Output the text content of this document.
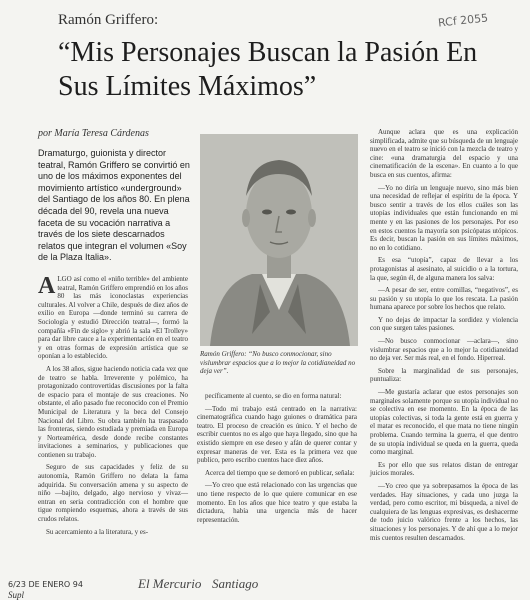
Ramón Griffero:
“Mis Personajes Buscan la Pasión En Sus Límites Máximos”
RCf 2055
por María Teresa Cárdenas

Dramaturgo, guionista y director teatral, Ramón Griffero se convirtió en uno de los máximos exponentes del movimiento artístico «underground» del Santiago de los años 80. En plena década del 90, revela una nueva faceta de su vocación narrativa a través de los siete descarnados relatos que integran el volumen «Soy de la Plaza Italia».

ALGO así como el «niño terrible» del ambiente teatral, Ramón Griffero emprendió en los años 80 las más iconoclastas experiencias culturales. Al volver a Chile, después de diez años de exilio en Europa —donde terminó su carrera de Sociología y estudió Dirección teatral—, formó la compañía «Fin de siglo» y abrió la sala «El Trolley» para dar libre cauce a la experimentación en el teatro y en otras formas de expresión artística que se oponían a lo establecido.

A los 38 años, sigue haciendo noticia cada vez que de teatro se habla. Irreverente y polémico, ha protagonizado controvertidas discusiones por la falta de espacio para el montaje de sus creaciones. No obstante, el año pasado fue reconocido con el Premio Municipal de Literatura y la beca del Consejo Nacional del Libro. Su obra también ha traspasado las fronteras, siendo estudiada y premiada en Europa y Norteamérica, desde donde recibe constantes invitaciones a seminarios, y publicaciones que contienen su trabajo.

Seguro de sus capacidades y feliz de su autonomía, Ramón Griffero no delata la fama adquirida. Su conversación amena y su aspecto de niño —bajito, delgado, algo nervioso y vivaz— entran en seria contradicción con el hombre que tigue rompiendo esquemas, ahora a través de sus crudos relatos.

Su acercamiento a la literatura, y es-

Ramón Griffero: “No busco conmocionar, sino vislumbrar espacios que a lo mejor la cotidianeidad no deja ver”.

pecíficamente al cuento, se dio en forma natural:

—Todo mi trabajo está centrado en la narrativa: cinematográfica cuando hago guiones o dramática para teatro. El proceso de creación es único. Y el hecho de escribir cuentos no es algo que haya llegado, sino que ha existido siempre en ese deseo y afán de querer contar y expresar maneras de ver. Esta es la primera vez que publico, pero escribo cuentos hace diez años.

Acerca del tiempo que se demoró en publicar, señala:

—Yo creo que está relacionado con las urgencias que uno tiene respecto de lo que quiere comunicar en ese momento. En los años que hice teatro y que estaba la dictadura, había una urgencia más de hacer representación.

Aunque aclara que es una explicación simplificada, admite que su búsqueda de un lenguaje nuevo en el teatro se inició con la mezcla de teatro y cine: «una dramaturgia del espacio y una cinematificación de la escena». En cuanto a lo que busca en sus cuentos, afirma:

—Yo no diría un lenguaje nuevo, sino más bien una necesidad de reflejar el espíritu de la época. Y busco sentir a través de los ellos cuáles son las utopías individuales que están funcionando en mi mente y en las pasiones de los personajes. Por eso en estos cuentos la mayoría son psicópatas utópicos. Es decir, buscan la pasión en sus límites máximos, no en lo cotidiano.

Es esa “utopía”, capaz de llevar a los protagonistas al asesinato, al suicidio o a la tortura, la que, según él, de alguna manera los salva:

—A pesar de ser, entre comillas, “negativos”, es su pasión y su utopía lo que los rescata. La pasión humana aparece por sobre los hechos que relato.

Y no dejas de impactar la sordidez y violencia con que surgen tales pasiones.

—No busco conmocionar —aclara—, sino vislumbrar espacios que a lo mejor la cotidianeidad no deja ver. Ser más real, en el fondo. Hiperreal.

Sobre la marginalidad de sus personajes, puntualiza:

—Me gustaría aclarar que estos personajes son marginales solamente porque su utopía individual no se colectiva en ese momento. En la época de las utopías colectivas, si toda la gente está en guerra y el matar es reconocido, el que mata no tiene ningún problema. Cuando termina la guerra, el que dentro de su utopía individual se queda en la guerra, queda como marginal.

Es por ello que sus relatos distan de entregar juicios morales.

—Yo creo que ya sobrepasamos la época de las verdades. Hay situaciones, y cada uno juzga la verdad, pero como escritor, mi búsqueda, a nivel de cualquiera de las lenguas expresivas, es deshacerme de todo juicio valórico frente a los hechos, las situaciones y los personajes. Y de ahí que a lo mejor mis cuentos resulten descarnados.

6/23 DE ENERO 94
Supl
El Mercurio Santiago
